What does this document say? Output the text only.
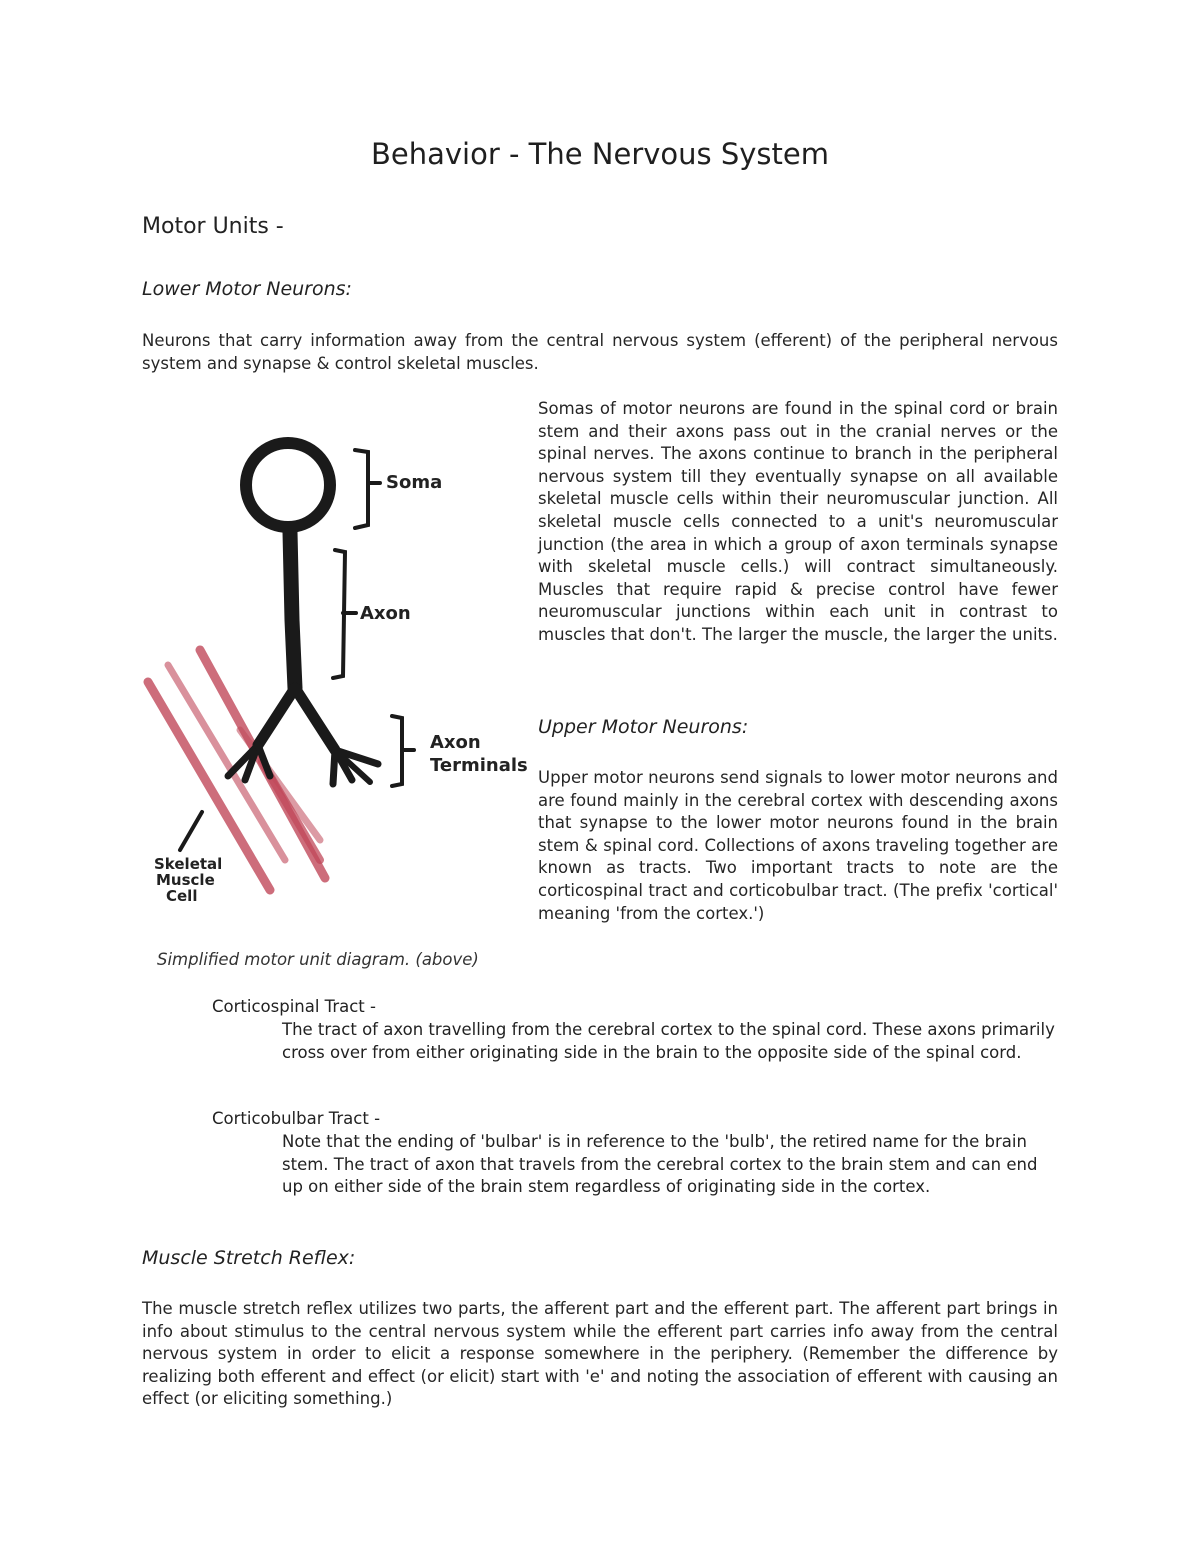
Behavior - The Nervous System
Motor Units -
Lower Motor Neurons:

Neurons that carry information away from the central nervous system (efferent) of the peripheral nervous system and synapse & control skeletal muscles.

Soma
Axon
Axon
Terminals
Skeletal
Muscle
Cell

Simplified motor unit diagram. (above)

Somas of motor neurons are found in the spinal cord or brain stem and their axons pass out in the cranial nerves or the spinal nerves. The axons continue to branch in the peripheral nervous system till they eventually synapse on all available skeletal muscle cells within their neuromuscular junction. All skeletal muscle cells connected to a unit's neuromuscular junction (the area in which a group of axon terminals synapse with skeletal muscle cells.) will contract simultaneously. Muscles that require rapid & precise control have fewer neuromuscular junctions within each unit in contrast to muscles that don't. The larger the muscle, the larger the units.

Upper Motor Neurons:

Upper motor neurons send signals to lower motor neurons and are found mainly in the cerebral cortex with descending axons that synapse to the lower motor neurons found in the brain stem & spinal cord. Collections of axons traveling together are known as tracts. Two important tracts to note are the corticospinal tract and corticobulbar tract. (The prefix 'cortical' meaning 'from the cortex.')

Corticospinal Tract -

The tract of axon travelling from the cerebral cortex to the spinal cord. These axons primarily cross over from either originating side in the brain to the opposite side of the spinal cord.

Corticobulbar Tract -

Note that the ending of 'bulbar' is in reference to the 'bulb', the retired name for the brain stem. The tract of axon that travels from the cerebral cortex to the brain stem and can end up on either side of the brain stem regardless of originating side in the cortex.

Muscle Stretch Reflex:

The muscle stretch reflex utilizes two parts, the afferent part and the efferent part. The afferent part brings in info about stimulus to the central nervous system while the efferent part carries info away from the central nervous system in order to elicit a response somewhere in the periphery. (Remember the difference by realizing both efferent and effect (or elicit) start with 'e' and noting the association of efferent with causing an effect (or eliciting something.)
